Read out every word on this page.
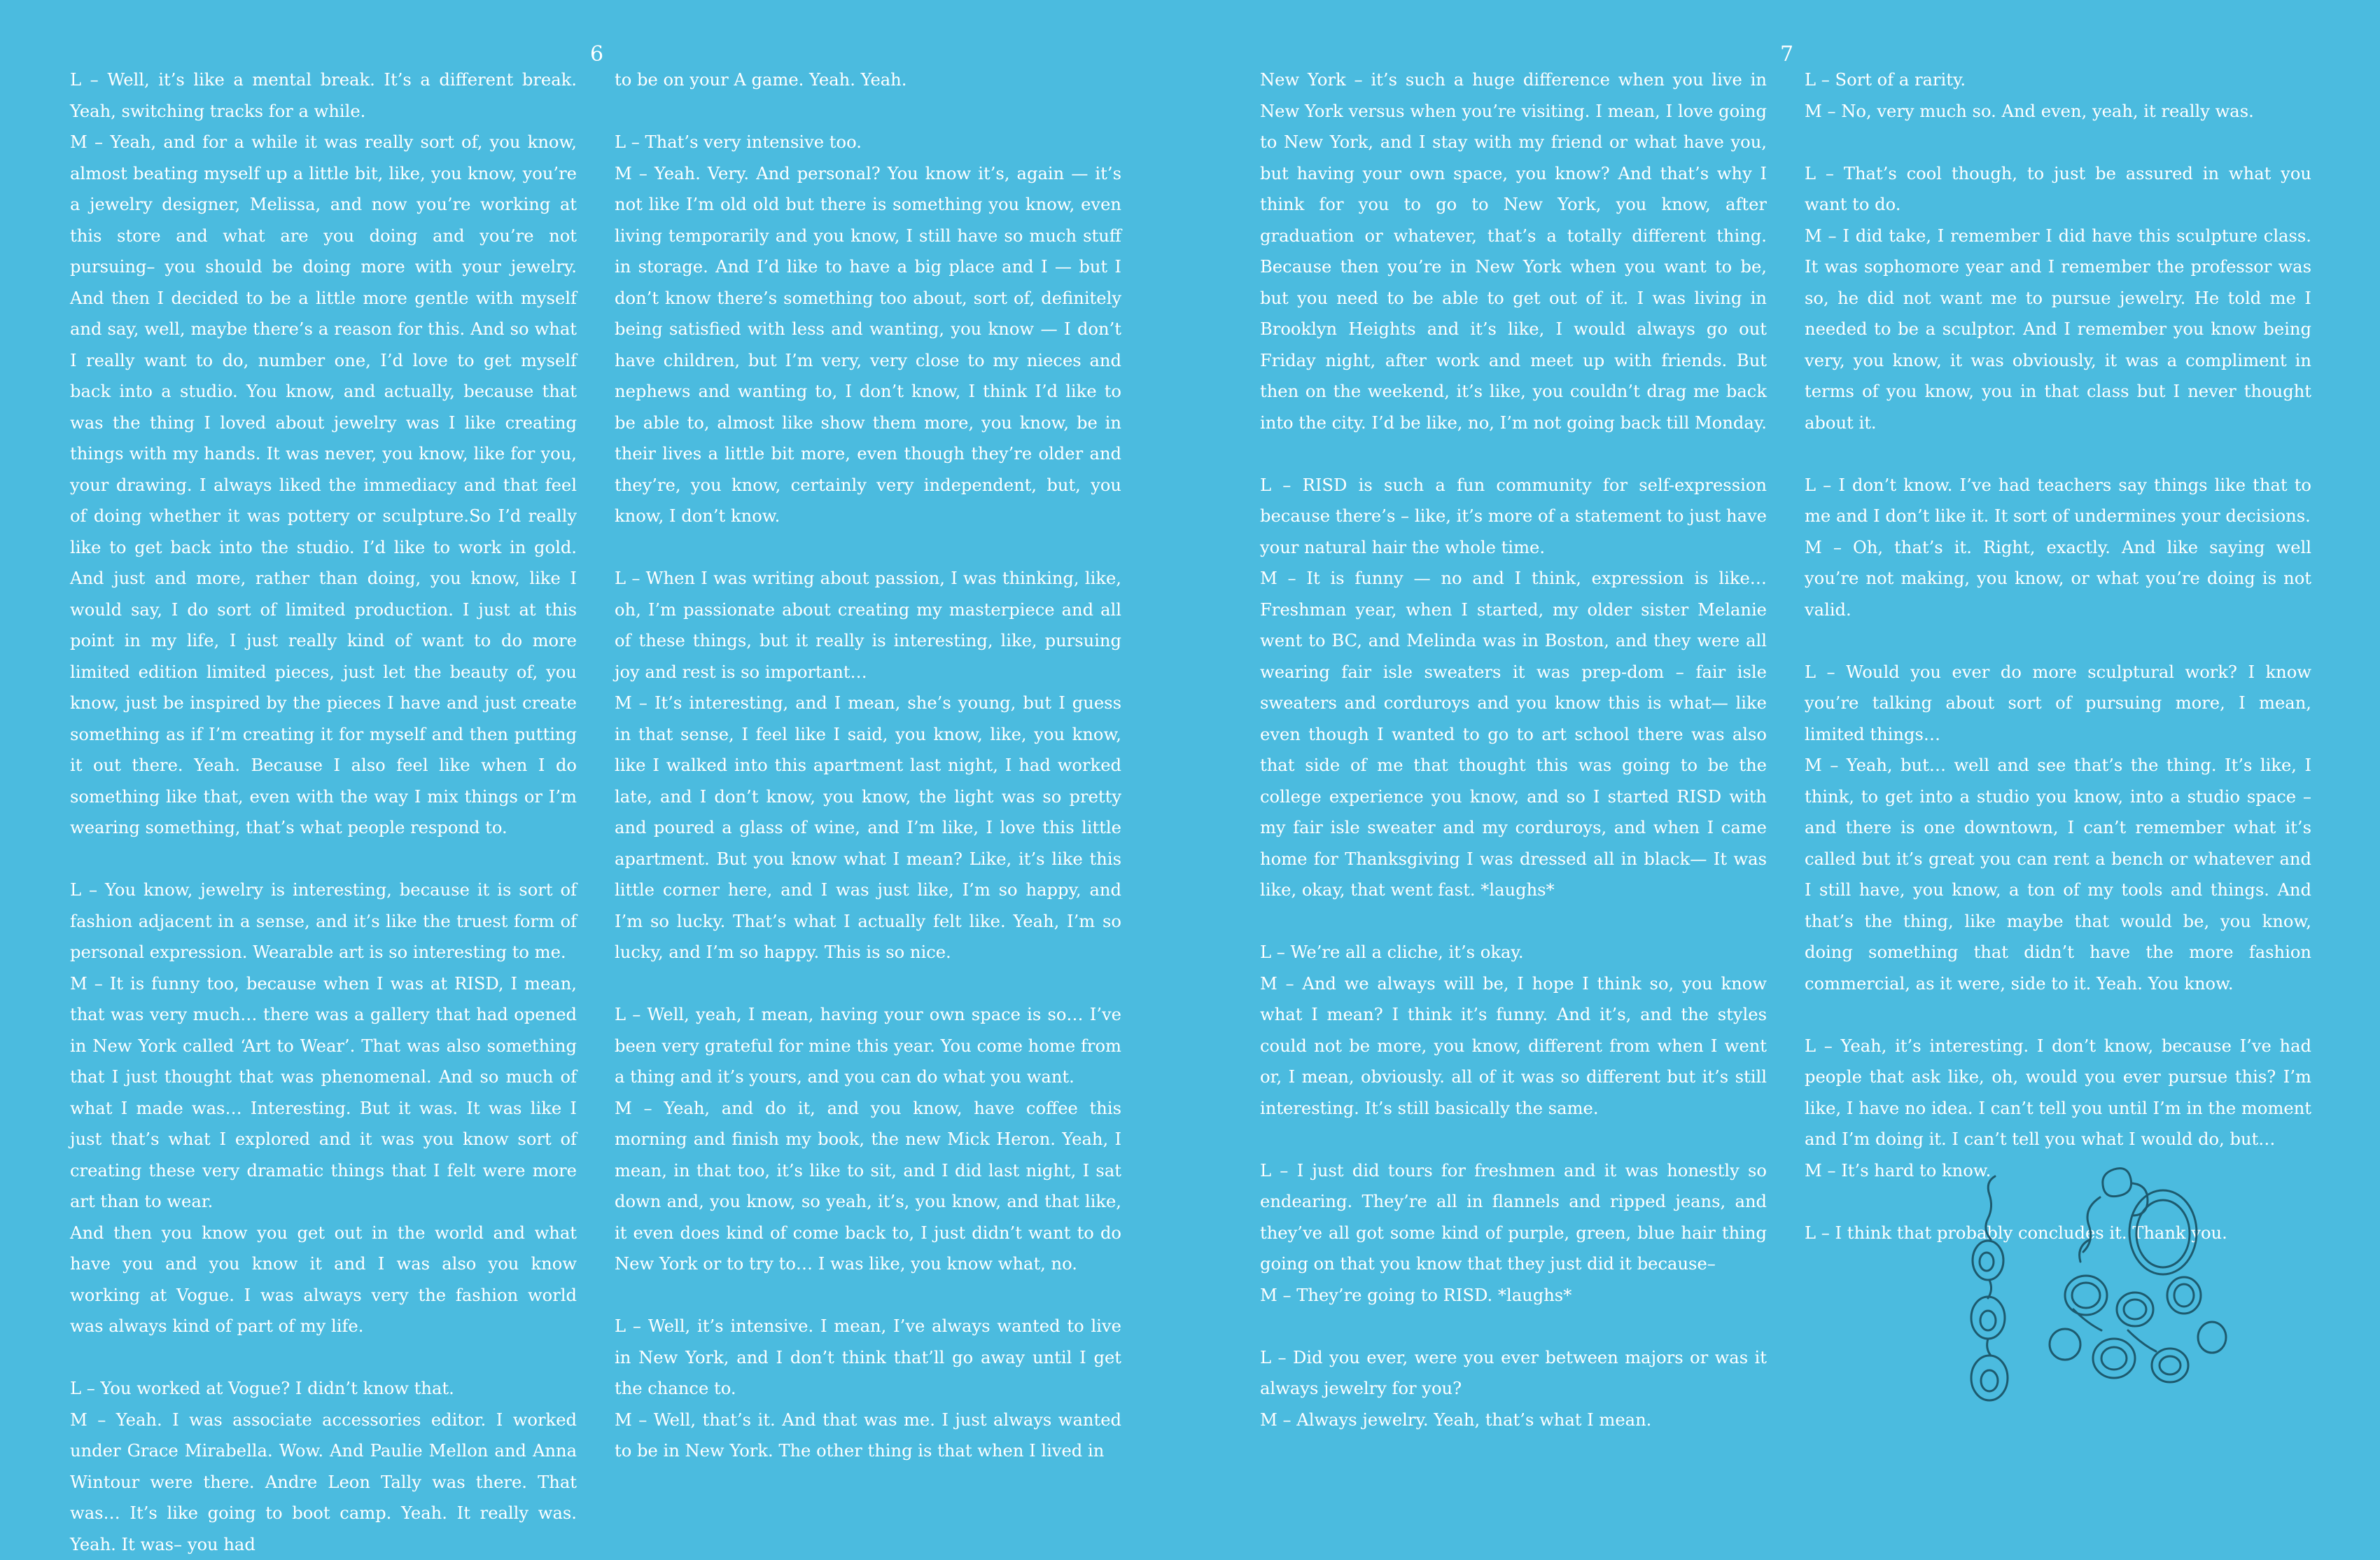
6	7

L – Well, it’s like a mental break. It’s a different break. Yeah, switching tracks for a while.

M – Yeah, and for a while it was really sort of, you know, almost beating myself up a little bit, like, you know, you’re a jewelry designer, Melissa, and now you’re working at this store and what are you doing and you’re not pursuing– you should be doing more with your jewelry. And then I decided to be a little more gentle with myself and say, well, maybe there’s a reason for this. And so what I really want to do, number one, I’d love to get myself back into a studio. You know, and actually, because that was the thing I loved about jewelry was I like creating things with my hands. It was never, you know, like for you, your drawing. I always liked the immediacy and that feel of doing whether it was pottery or sculpture.So I’d really like to get back into the studio. I’d like to work in gold. And just and more, rather than doing, you know, like I would say, I do sort of limited production. I just at this point in my life, I just really kind of want to do more limited edition limited pieces, just let the beauty of, you know, just be inspired by the pieces I have and just create something as if I’m creating it for myself and then putting it out there. Yeah. Because I also feel like when I do something like that, even with the way I mix things or I’m wearing something, that’s what people respond to.

L – You know, jewelry is interesting, because it is sort of fashion adjacent in a sense, and it’s like the truest form of personal expression. Wearable art is so interesting to me.

M – It is funny too, because when I was at RISD, I mean, that was very much… there was a gallery that had opened in New York called ‘Art to Wear’. That was also something that I just thought that was phenomenal. And so much of what I made was… Interesting. But it was. It was like I just that’s what I explored and it was you know sort of creating these very dramatic things that I felt were more art than to wear.

And then you know you get out in the world and what have you and you know it and I was also you know working at Vogue. I was always very the fashion world was always kind of part of my life.

L – You worked at Vogue? I didn’t know that.

M – Yeah. I was associate accessories editor. I worked under Grace Mirabella. Wow. And Paulie Mellon and Anna Wintour were there. Andre Leon Tally was there. That was… It’s like going to boot camp. Yeah. It really was. Yeah. It was– you had

to be on your A game. Yeah. Yeah.

L – That’s very intensive too.

M – Yeah. Very. And personal? You know it’s, again — it’s not like I’m old old but there is something you know, even living temporarily and you know, I still have so much stuff in storage. And I’d like to have a big place and I — but I don’t know there’s something too about, sort of, definitely being satisfied with less and wanting, you know — I don’t have children, but I’m very, very close to my nieces and nephews and wanting to, I don’t know, I think I’d like to be able to, almost like show them more, you know, be in their lives a little bit more, even though they’re older and they’re, you know, certainly very independent, but, you know, I don’t know.

L – When I was writing about passion, I was thinking, like, oh, I’m passionate about creating my masterpiece and all of these things, but it really is interesting, like, pursuing joy and rest is so important…

M – It’s interesting, and I mean, she’s young, but I guess in that sense, I feel like I said, you know, like, you know, like I walked into this apartment last night, I had worked late, and I don’t know, you know, the light was so pretty and poured a glass of wine, and I’m like, I love this little apartment. But you know what I mean? Like, it’s like this little corner here, and I was just like, I’m so happy, and I’m so lucky. That’s what I actually felt like. Yeah, I’m so lucky, and I’m so happy. This is so nice.

L – Well, yeah, I mean, having your own space is so… I’ve been very grateful for mine this year. You come home from a thing and it’s yours, and you can do what you want.

M – Yeah, and do it, and you know, have coffee this morning and finish my book, the new Mick Heron. Yeah, I mean, in that too, it’s like to sit, and I did last night, I sat down and, you know, so yeah, it’s, you know, and that like, it even does kind of come back to, I just didn’t want to do New York or to try to… I was like, you know what, no.

L – Well, it’s intensive. I mean, I’ve always wanted to live in New York, and I don’t think that’ll go away until I get the chance to.

M – Well, that’s it. And that was me. I just always wanted to be in New York. The other thing is that when I lived in

New York – it’s such a huge difference when you live in New York versus when you’re visiting. I mean, I love going to New York, and I stay with my friend or what have you, but having your own space, you know? And that’s why I think for you to go to New York, you know, after graduation or whatever, that’s a totally different thing. Because then you’re in New York when you want to be, but you need to be able to get out of it. I was living in Brooklyn Heights and it’s like, I would always go out Friday night, after work and meet up with friends. But then on the weekend, it’s like, you couldn’t drag me back into the city. I’d be like, no, I’m not going back till Monday.

L – RISD is such a fun community for self-expression because there’s – like, it’s more of a statement to just have your natural hair the whole time.

M – It is funny — no and I think, expression is like… Freshman year, when I started, my older sister Melanie went to BC, and Melinda was in Boston, and they were all wearing fair isle sweaters it was prep-dom – fair isle sweaters and corduroys and you know this is what— like even though I wanted to go to art school there was also that side of me that thought this was going to be the college experience you know, and so I started RISD with my fair isle sweater and my corduroys, and when I came home for Thanksgiving I was dressed all in black— It was like, okay, that went fast. *laughs*

L – We’re all a cliche, it’s okay.

M – And we always will be, I hope I think so, you know what I mean? I think it’s funny. And it’s, and the styles could not be more, you know, different from when I went or, I mean, obviously. all of it was so different but it’s still interesting. It’s still basically the same.

L – I just did tours for freshmen and it was honestly so endearing. They’re all in flannels and ripped jeans, and they’ve all got some kind of purple, green, blue hair thing going on that you know that they just did it because–

M – They’re going to RISD. *laughs*

L – Did you ever, were you ever between majors or was it always jewelry for you?

M – Always jewelry. Yeah, that’s what I mean.

L – Sort of a rarity.

M – No, very much so. And even, yeah, it really was.

L – That’s cool though, to just be assured in what you want to do.

M – I did take, I remember I did have this sculpture class. It was sophomore year and I remember the professor was so, he did not want me to pursue jewelry. He told me I needed to be a sculptor. And I remember you know being very, you know, it was obviously, it was a compliment in terms of you know, you in that class but I never thought about it.

L – I don’t know. I’ve had teachers say things like that to me and I don’t like it. It sort of undermines your decisions.

M – Oh, that’s it. Right, exactly. And like saying well you’re not making, you know, or what you’re doing is not valid.

L – Would you ever do more sculptural work? I know you’re talking about sort of pursuing more, I mean, limited things…

M – Yeah, but… well and see that’s the thing. It’s like, I think, to get into a studio you know, into a studio space – and there is one downtown, I can’t remember what it’s called but it’s great you can rent a bench or whatever and I still have, you know, a ton of my tools and things. And that’s the thing, like maybe that would be, you know, doing something that didn’t have the more fashion commercial, as it were, side to it. Yeah. You know.

L – Yeah, it’s interesting. I don’t know, because I’ve had people that ask like, oh, would you ever pursue this? I’m like, I have no idea. I can’t tell you until I’m in the moment and I’m doing it. I can’t tell you what I would do, but…

M – It’s hard to know.

L – I think that probably concludes it. Thank you.
